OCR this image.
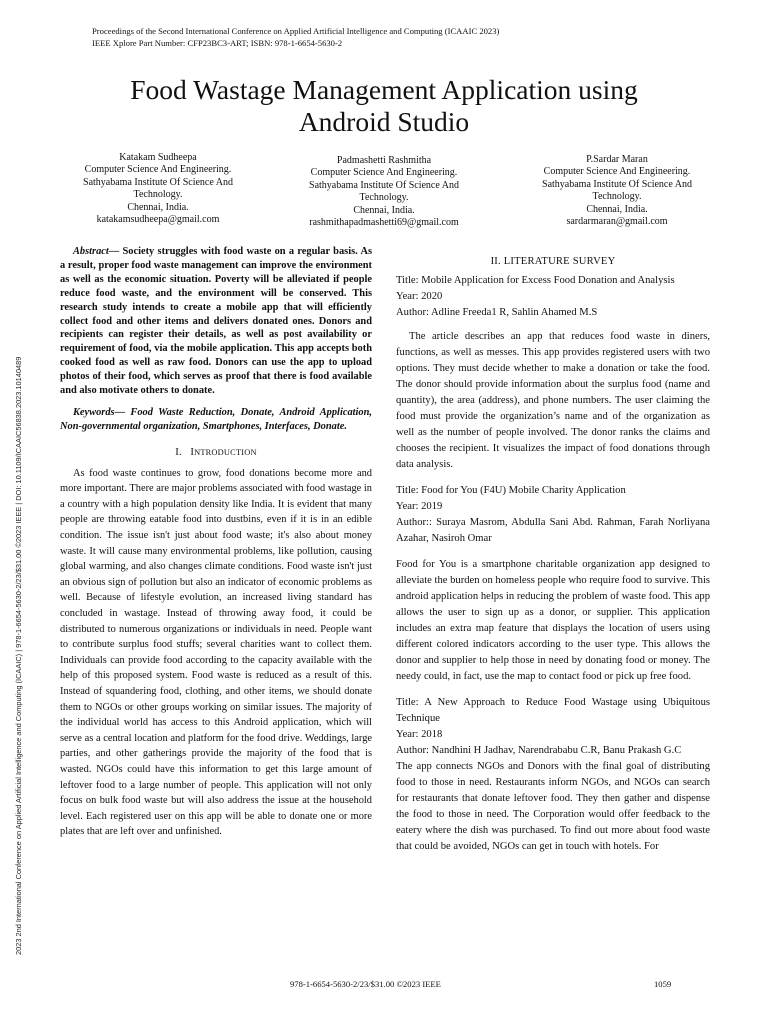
Proceedings of the Second International Conference on Applied Artificial Intelligence and Computing (ICAAIC 2023)
IEEE Xplore Part Number: CFP23BC3-ART; ISBN: 978-1-6654-5630-2
Food Wastage Management Application using
Android Studio
Katakam Sudheepa
Computer Science And Engineering.
Sathyabama Institute Of Science And
Technology.
Chennai, India.
katakamsudheepa@gmail.com
Padmashetti Rashmitha
Computer Science And Engineering.
Sathyabama Institute Of Science And
Technology.
Chennai, India.
rashmithapadmashetti69@gmail.com
P.Sardar Maran
Computer Science And Engineering.
Sathyabama Institute Of Science And
Technology.
Chennai, India.
sardarmaran@gmail.com
2023 2nd International Conference on Applied Artificial Intelligence and Computing (ICAAIC) | 978-1-6654-5630-2/23/$31.00 ©2023 IEEE | DOI: 10.1109/ICAAIC56838.2023.10140489

Abstract— Society struggles with food waste on a regular basis. As a result, proper food waste management can improve the environment as well as the economic situation. Poverty will be alleviated if people reduce food waste, and the environment will be conserved. This research study intends to create a mobile app that will efficiently collect food and other items and delivers donated ones. Donors and recipients can register their details, as well as post availability or requirement of food, via the mobile application. This app accepts both cooked food as well as raw food. Donors can use the app to upload photos of their food, which serves as proof that there is food available and also motivate others to donate.

Keywords— Food Waste Reduction, Donate, Android Application, Non-governmental organization, Smartphones, Interfaces, Donate.

I. INTRODUCTION

As food waste continues to grow, food donations become more and more important. There are major problems associated with food wastage in a country with a high population density like India. It is evident that many people are throwing eatable food into dustbins, even if it is in an edible condition. The issue isn't just about food waste; it's also about money waste. It will cause many environmental problems, like pollution, causing global warming, and also changes climate conditions. Food waste isn't just an obvious sign of pollution but also an indicator of economic problems as well. Because of lifestyle evolution, an increased living standard has concluded in wastage. Instead of throwing away food, it could be distributed to numerous organizations or individuals in need. People want to contribute surplus food stuffs; several charities want to collect them. Individuals can provide food according to the capacity available with the help of this proposed system. Food waste is reduced as a result of this. Instead of squandering food, clothing, and other items, we should donate them to NGOs or other groups working on similar issues. The majority of the individual world has access to this Android application, which will serve as a central location and platform for the food drive. Weddings, large parties, and other gatherings provide the majority of the food that is wasted. NGOs could have this information to get this large amount of leftover food to a large number of people. This application will not only focus on bulk food waste but will also address the issue at the household level. Each registered user on this app will be able to donate one or more plates that are left over and unfinished.

II. LITERATURE SURVEY

Title: Mobile Application for Excess Food Donation and Analysis

Year: 2020

Author: Adline Freeda1 R, Sahlin Ahamed M.S

The article describes an app that reduces food waste in diners, functions, as well as messes. This app provides registered users with two options. They must decide whether to make a donation or take the food. The donor should provide information about the surplus food (name and quantity), the area (address), and phone numbers. The user claiming the food must provide the organization’s name and of the organization as well as the number of people involved. The donor ranks the claims and chooses the recipient. It visualizes the impact of food donations through data analysis.

Title: Food for You (F4U) Mobile Charity Application

Year: 2019

Author:: Suraya Masrom, Abdulla Sani Abd. Rahman, Farah Norliyana Azahar, Nasiroh Omar

Food for You is a smartphone charitable organization app designed to alleviate the burden on homeless people who require food to survive. This android application helps in reducing the problem of waste food. This app allows the user to sign up as a donor, or supplier. This application includes an extra map feature that displays the location of users using different colored indicators according to the user type. This allows the donor and supplier to help those in need by donating food or money. The needy could, in fact, use the map to contact food or pick up free food.

Title: A New Approach to Reduce Food Wastage using Ubiquitous Technique

Year: 2018

Author: Nandhini H Jadhav, Narendrababu C.R, Banu Prakash G.C

The app connects NGOs and Donors with the final goal of distributing food to those in need. Restaurants inform NGOs, and NGOs can search for restaurants that donate leftover food. They then gather and dispense the food to those in need. The Corporation would offer feedback to the eatery where the dish was purchased. To find out more about food waste that could be avoided, NGOs can get in touch with hotels. For

978-1-6654-5630-2/23/$31.00 ©2023 IEEE	1059
